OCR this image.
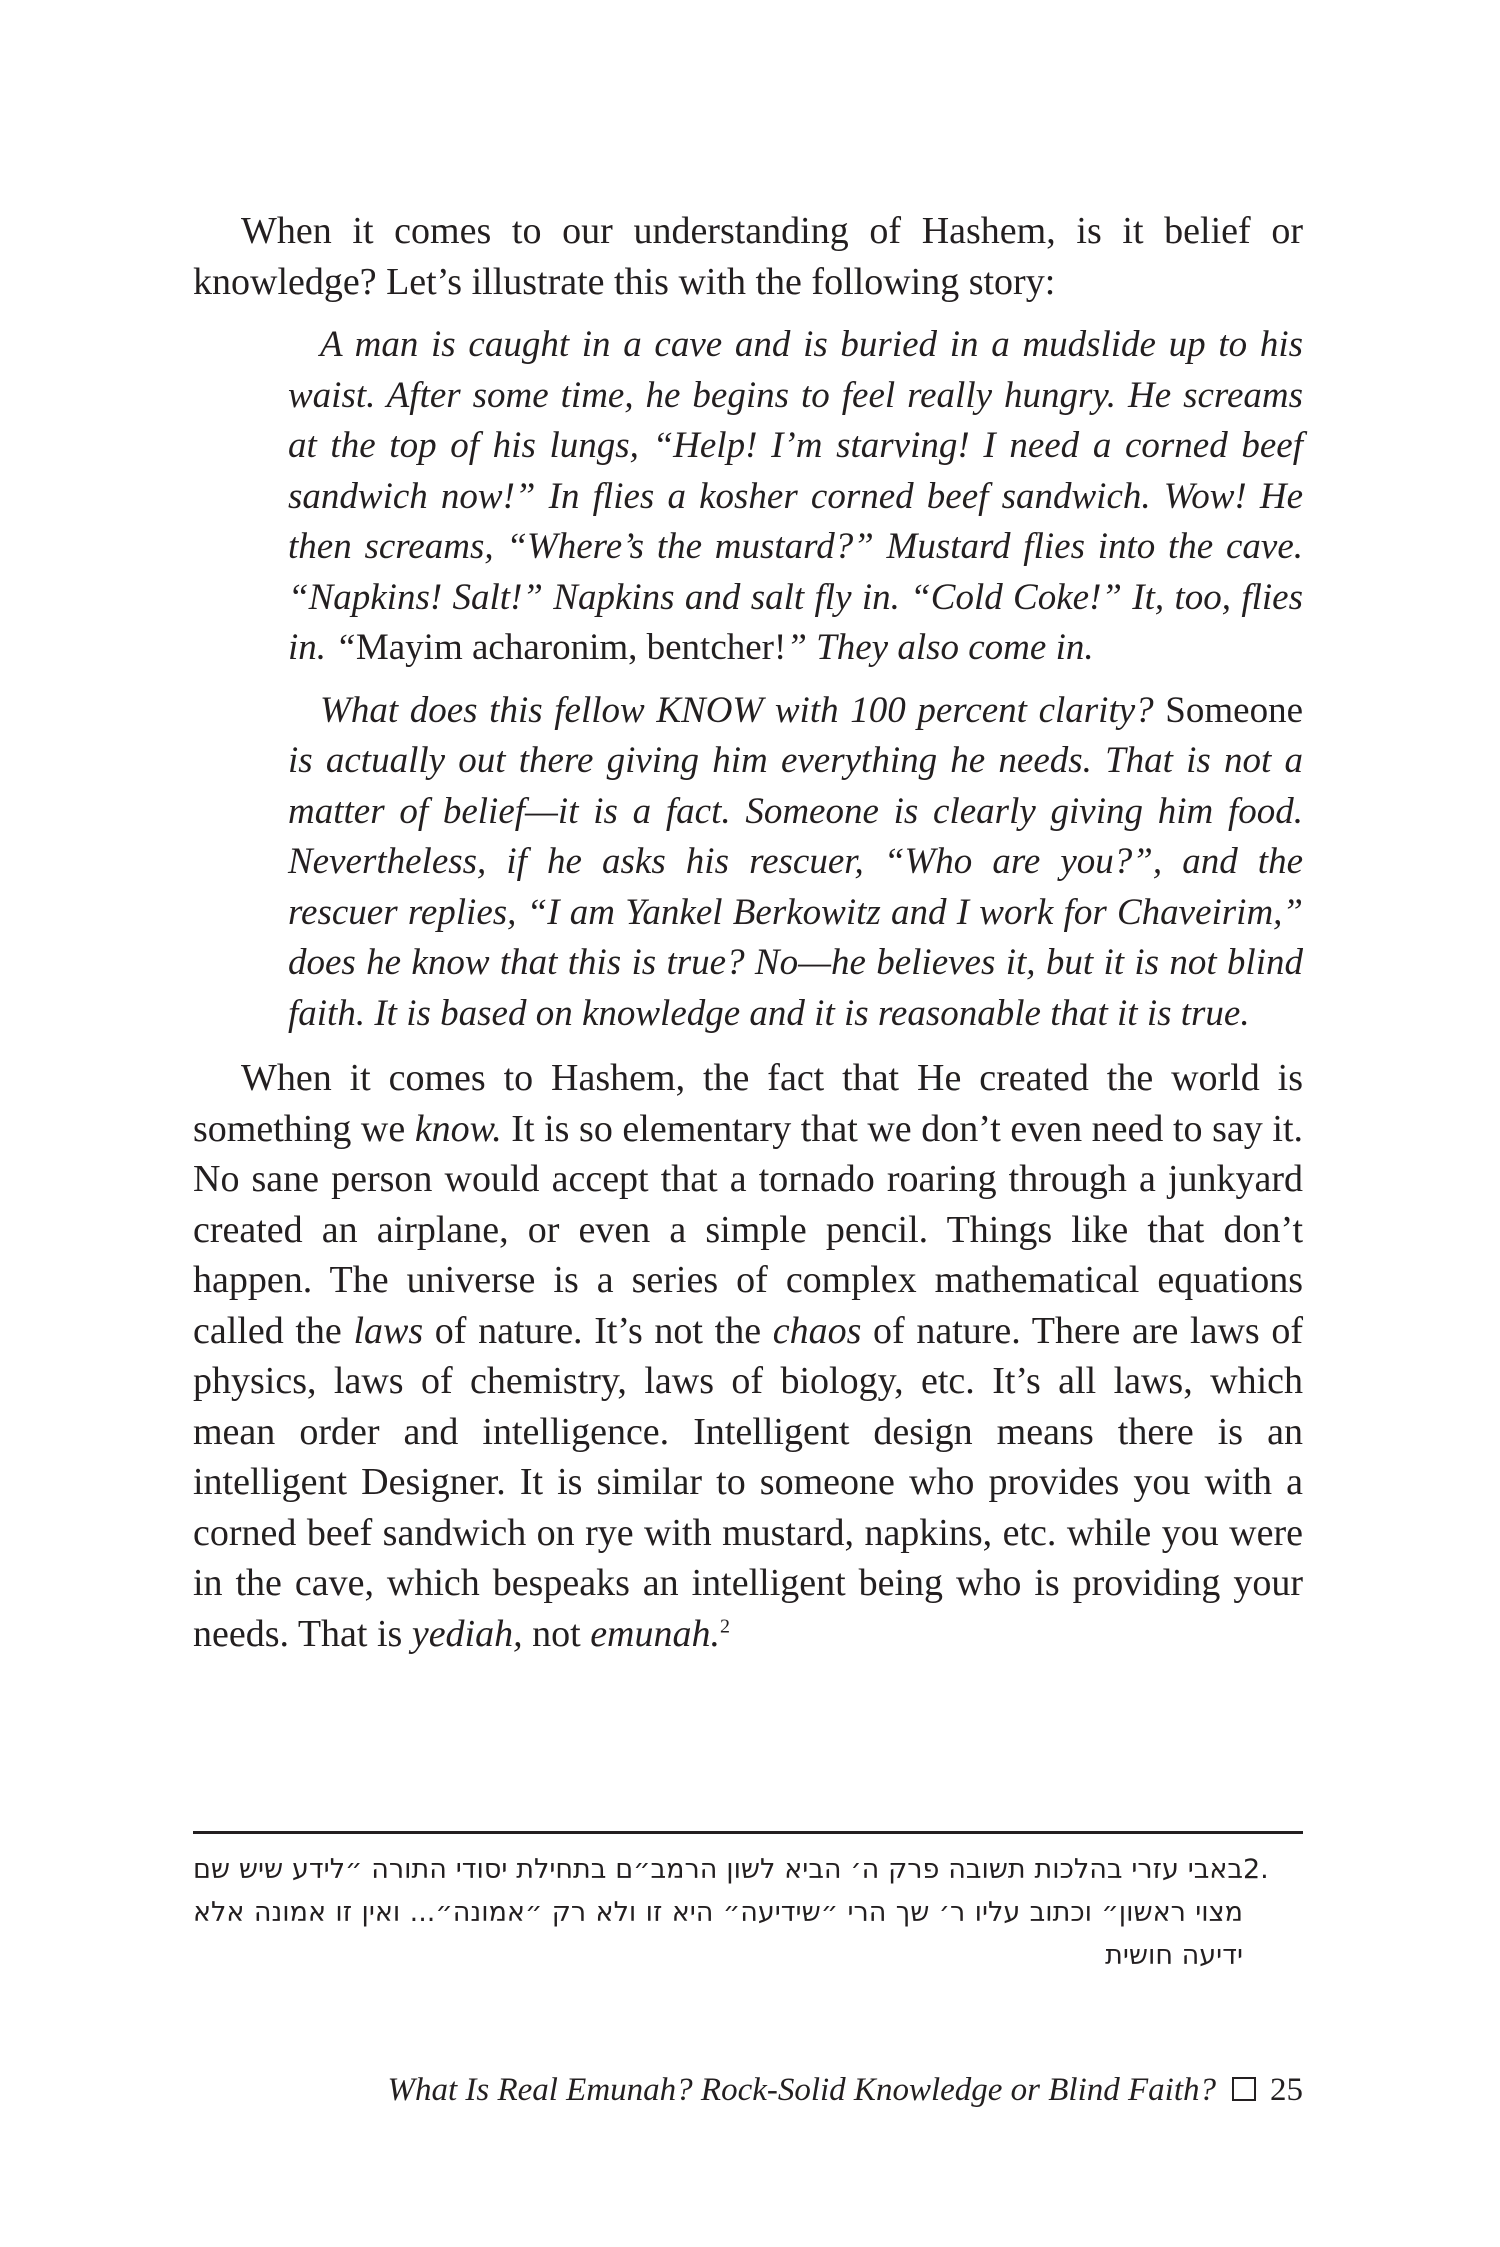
When it comes to our understanding of Hashem, is it belief or knowledge? Let’s illustrate this with the following story:

A man is caught in a cave and is buried in a mudslide up to his waist. After some time, he begins to feel really hungry. He screams at the top of his lungs, “Help! I’m starving! I need a corned beef sandwich now!” In flies a kosher corned beef sandwich. Wow! He then screams, “Where’s the mustard?” Mustard flies into the cave. “Napkins! Salt!” Napkins and salt fly in. “Cold Coke!” It, too, flies in. “Mayim acharonim, bentcher!” They also come in.

What does this fellow KNOW with 100 percent clarity? Someone is actually out there giving him everything he needs. That is not a matter of belief—it is a fact. Someone is clearly giving him food. Nevertheless, if he asks his rescuer, “Who are you?”, and the rescuer replies, “I am Yankel Berkowitz and I work for Chaveirim,” does he know that this is true? No—he believes it, but it is not blind faith. It is based on knowledge and it is reasonable that it is true.

When it comes to Hashem, the fact that He created the world is something we know. It is so elementary that we don’t even need to say it. No sane person would accept that a tornado roaring through a junkyard created an airplane, or even a simple pencil. Things like that don’t happen. The universe is a series of complex mathematical equations called the laws of nature. It’s not the chaos of nature. There are laws of physics, laws of chemistry, laws of biology, etc. It’s all laws, which mean order and intelligence. Intelligent design means there is an intelligent Designer. It is similar to someone who provides you with a corned beef sandwich on rye with mustard, napkins, etc. while you were in the cave, which bespeaks an intelligent being who is providing your needs. That is yediah, not emunah.$^2$

2.
באבי עזרי בהלכות תשובה פרק ה׳ הביא לשון הרמב״ם בתחילת יסודי התורה ״לידע שיש שם מצוי ראשון״ וכתוב עליו ר׳ שך הרי ״שידיעה״ היא זו ולא רק ״אמונה״... ואין זו אמונה אלא ידיעה חושית
What Is Real Emunah? Rock-Solid Knowledge or Blind Faith? 25
